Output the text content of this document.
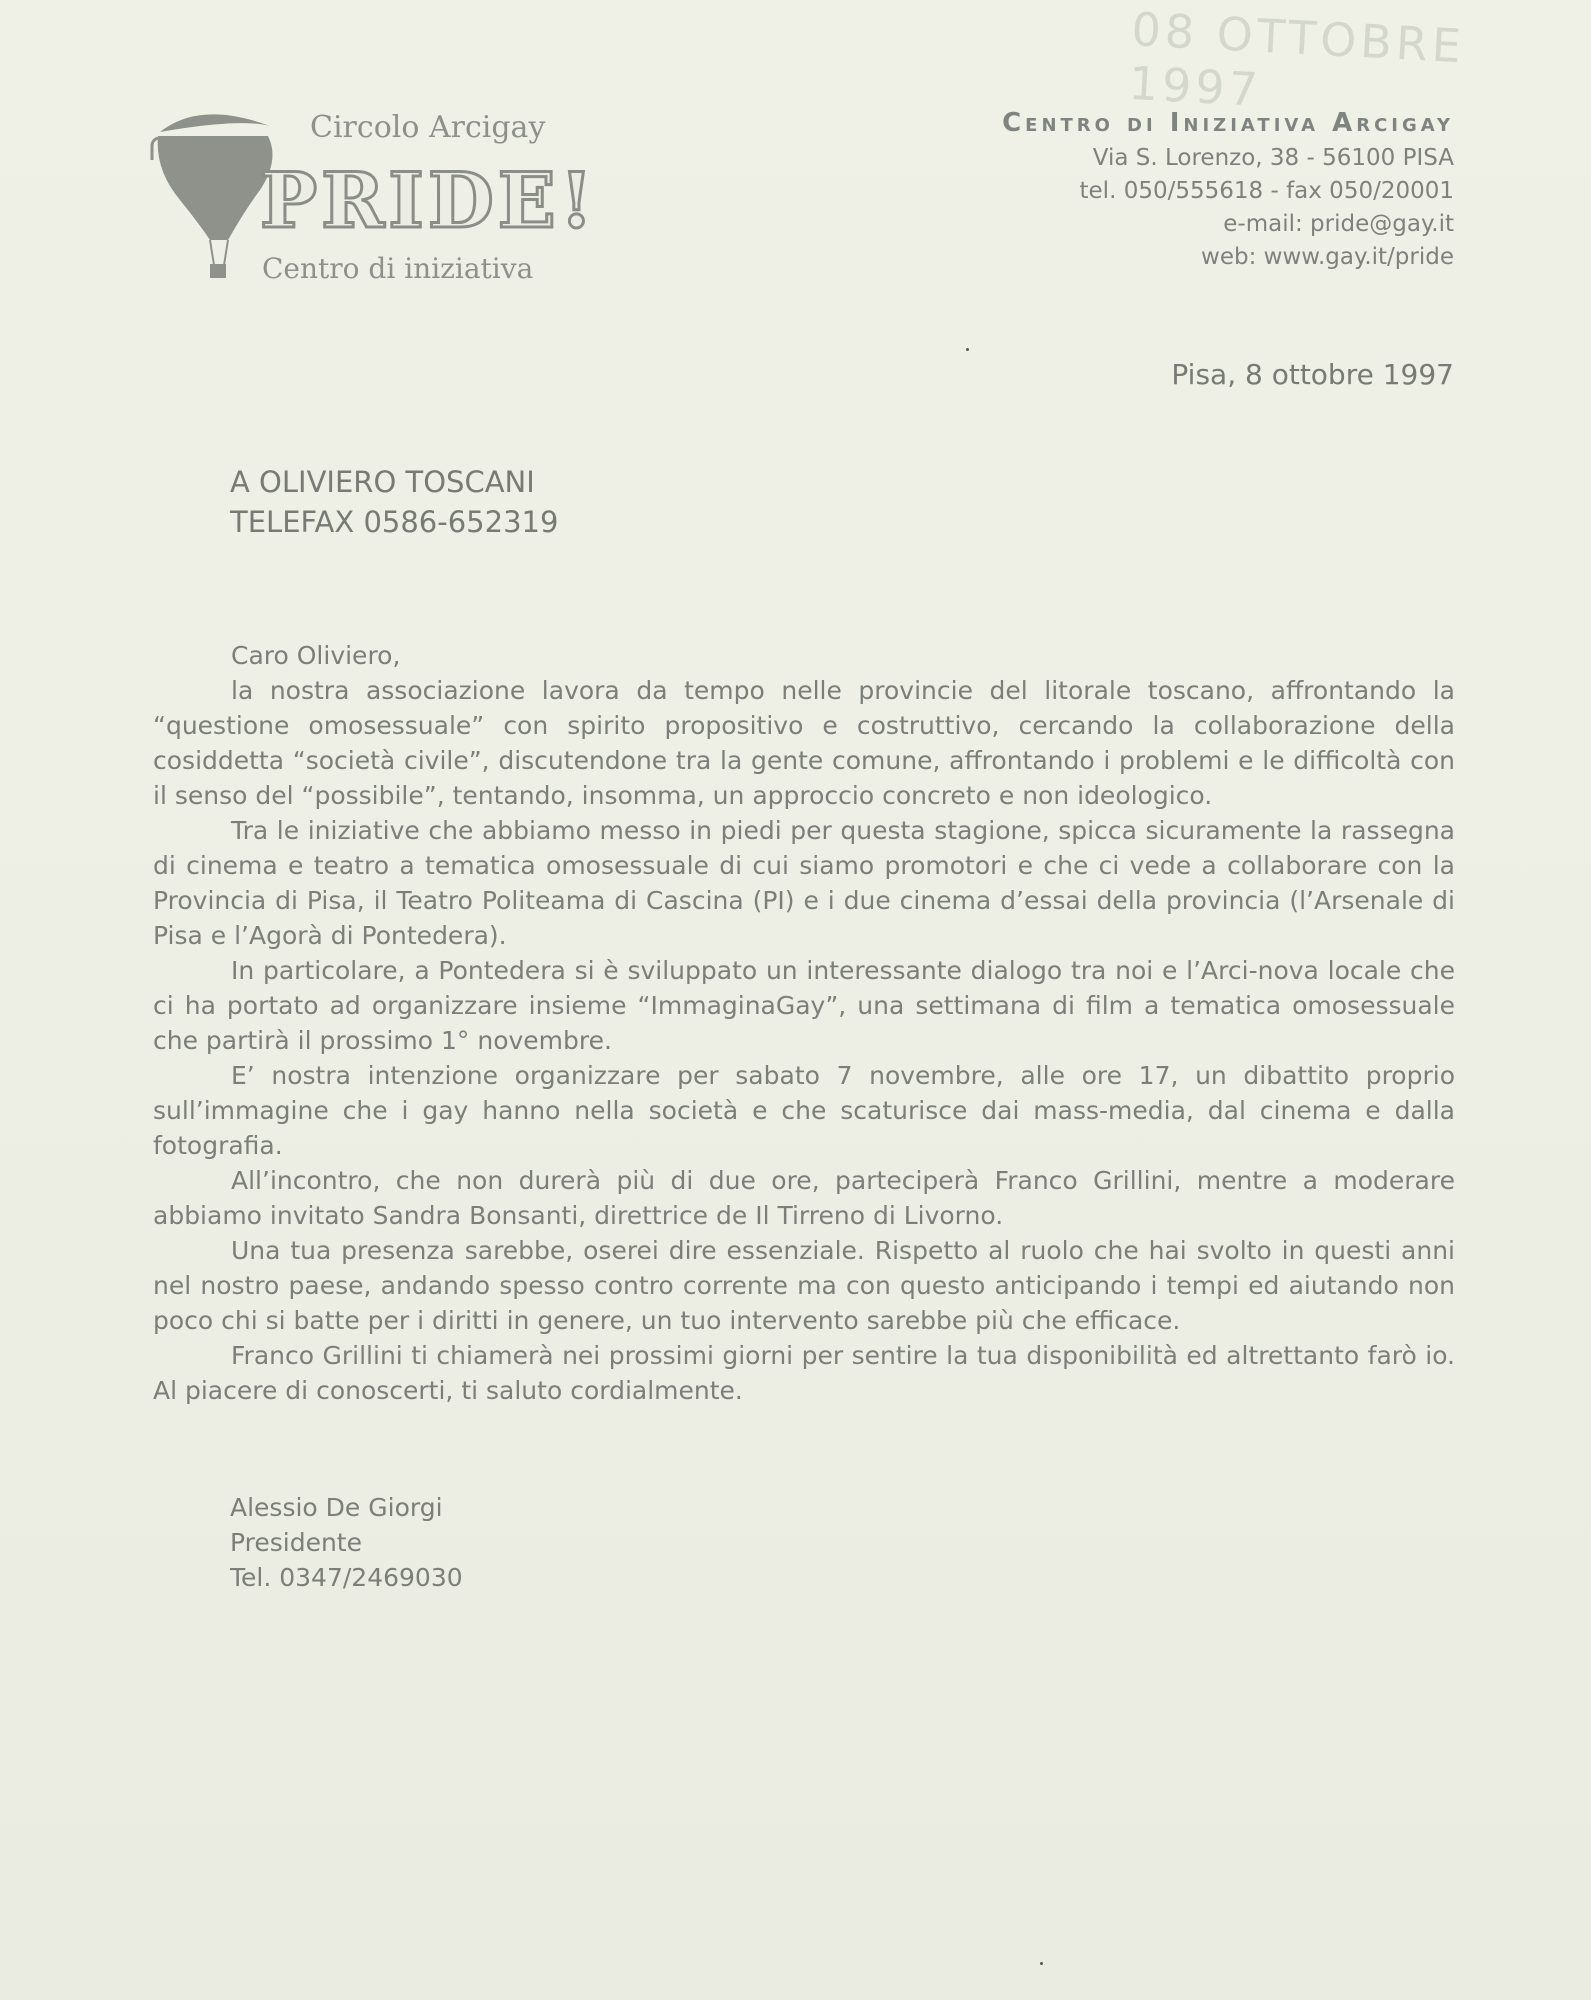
08 OTTOBRE 1997
Circolo Arcigay
PRIDE!
Centro di iniziativa
Centro di Iniziativa Arcigay
Via S. Lorenzo, 38 - 56100 PISA
tel. 050/555618 - fax 050/20001
e-mail: pride@gay.it
web: www.gay.it/pride
Pisa, 8 ottobre 1997
A OLIVIERO TOSCANI
TELEFAX 0586-652319

Caro Oliviero,

la nostra associazione lavora da tempo nelle provincie del litorale toscano, affrontando la “questione omosessuale” con spirito propositivo e costruttivo, cercando la collaborazione della cosiddetta “società civile”, discutendone tra la gente comune, affrontando i problemi e le difficoltà con il senso del “possibile”, tentando, insomma, un approccio concreto e non ideologico.

Tra le iniziative che abbiamo messo in piedi per questa stagione, spicca sicuramente la rassegna di cinema e teatro a tematica omosessuale di cui siamo promotori e che ci vede a collaborare con la Provincia di Pisa, il Teatro Politeama di Cascina (PI) e i due cinema d’essai della provincia (l’Arsenale di Pisa e l’Agorà di Pontedera).

In particolare, a Pontedera si è sviluppato un interessante dialogo tra noi e l’Arci-nova locale che ci ha portato ad organizzare insieme “ImmaginaGay”, una settimana di film a tematica omosessuale che partirà il prossimo 1° novembre.

E’ nostra intenzione organizzare per sabato 7 novembre, alle ore 17, un dibattito proprio sull’immagine che i gay hanno nella società e che scaturisce dai mass-media, dal cinema e dalla fotografia.

All’incontro, che non durerà più di due ore, parteciperà Franco Grillini, mentre a moderare abbiamo invitato Sandra Bonsanti, direttrice de Il Tirreno di Livorno.

Una tua presenza sarebbe, oserei dire essenziale. Rispetto al ruolo che hai svolto in questi anni nel nostro paese, andando spesso contro corrente ma con questo anticipando i tempi ed aiutando non poco chi si batte per i diritti in genere, un tuo intervento sarebbe più che efficace.

Franco Grillini ti chiamerà nei prossimi giorni per sentire la tua disponibilità ed altrettanto farò io. Al piacere di conoscerti, ti saluto cordialmente.

Alessio De Giorgi
Presidente
Tel. 0347/2469030
